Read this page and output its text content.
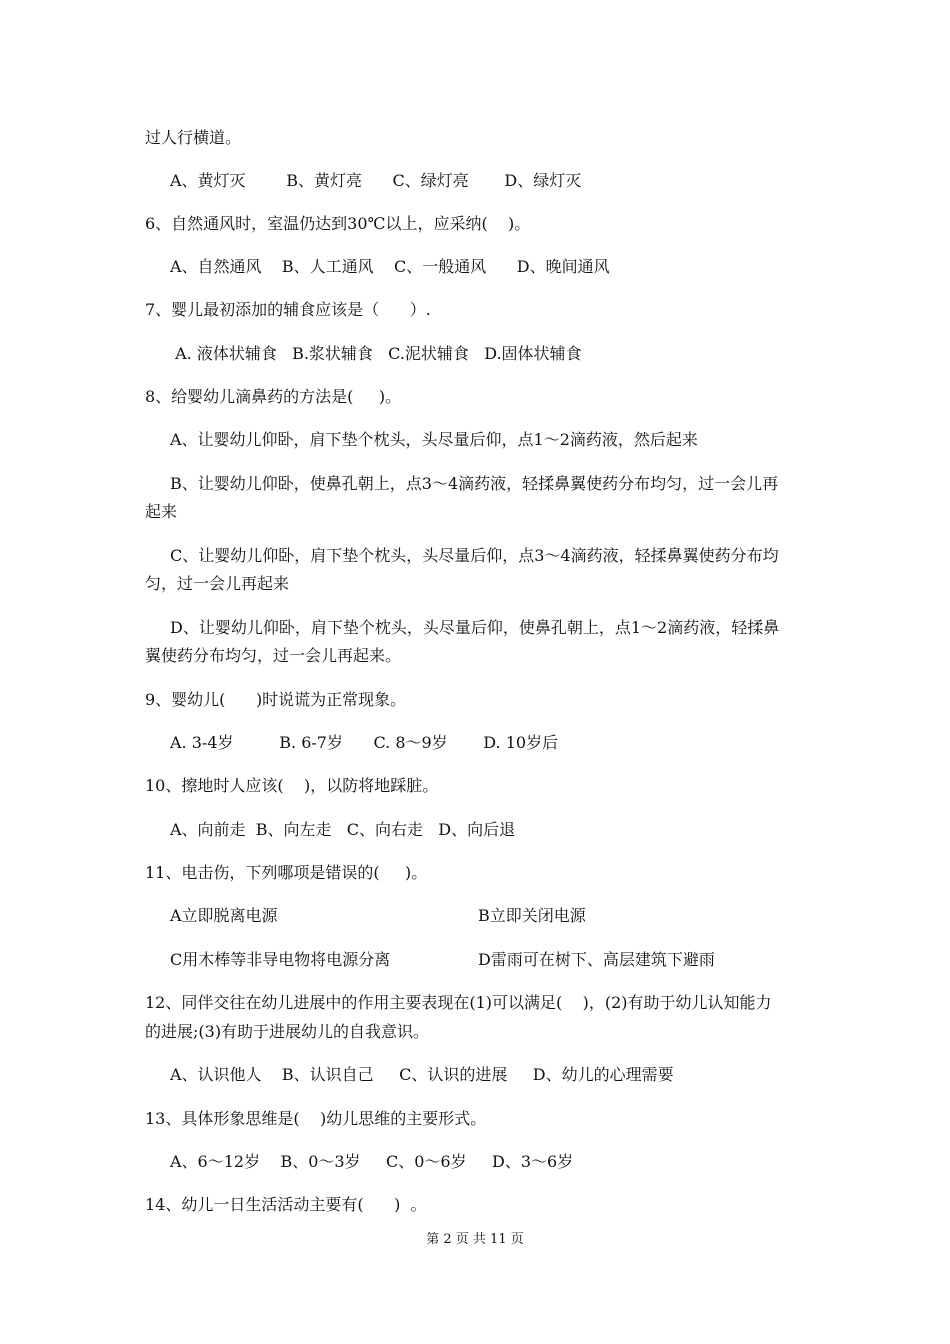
过人行横道。
A、黄灯灭        B、黄灯亮      C、绿灯亮       D、绿灯灭
6、自然通风时，室温仍达到30℃以上，应采纳(    )。
A、自然通风    B、人工通风    C、一般通风      D、晚间通风
7、婴儿最初添加的辅食应该是（      ）.
A. 液体状辅食   B.浆状辅食   C.泥状辅食   D.固体状辅食
8、给婴幼儿滴鼻药的方法是(     )。
A、让婴幼儿仰卧，肩下垫个枕头，头尽量后仰，点1～2滴药液，然后起来
B、让婴幼儿仰卧，使鼻孔朝上，点3～4滴药液，轻揉鼻翼使药分布均匀，过一会儿再
起来
C、让婴幼儿仰卧，肩下垫个枕头，头尽量后仰，点3～4滴药液，轻揉鼻翼使药分布均
匀，过一会儿再起来
D、让婴幼儿仰卧，肩下垫个枕头，头尽量后仰，使鼻孔朝上，点1～2滴药液，轻揉鼻
翼使药分布均匀，过一会儿再起来。
9、婴幼儿(      )时说谎为正常现象。
A. 3-4岁         B. 6-7岁      C. 8～9岁       D. 10岁后
10、擦地时人应该(    )，以防将地踩脏。
A、向前走  B、向左走   C、向右走   D、向后退
11、电击伤，下列哪项是错误的(     )。
A立即脱离电源	B立即关闭电源
C用木棒等非导电物将电源分离	D雷雨可在树下、高层建筑下避雨
12、同伴交往在幼儿进展中的作用主要表现在(1)可以满足(    )，(2)有助于幼儿认知能力
的进展;(3)有助于进展幼儿的自我意识。
A、认识他人    B、认识自己     C、认识的进展     D、幼儿的心理需要
13、具体形象思维是(    )幼儿思维的主要形式。
A、6～12岁    B、0～3岁     C、0～6岁     D、3～6岁
14、幼儿一日生活活动主要有(      )  。
第 2 页 共 11 页
